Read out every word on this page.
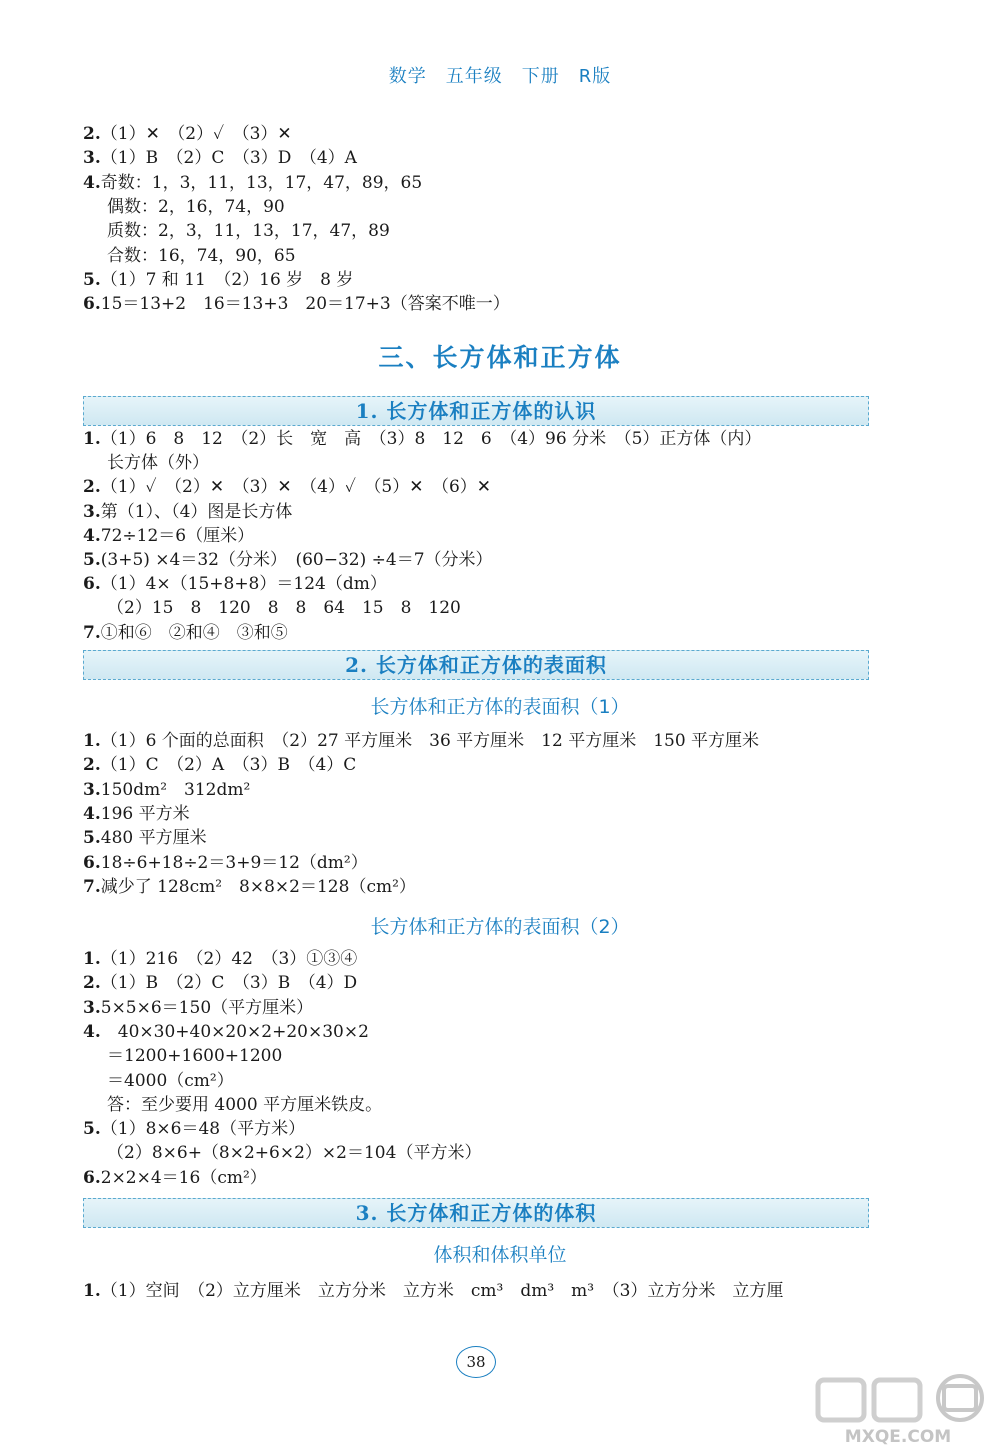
数学　五年级　下册　R版
2.（1）✕　（2）✓　（3）✕
3.（1）B　（2）C　（3）D　（4）A
4.奇数：1，3，11，13，17，47，89，65
偶数：2，16，74，90
质数：2，3，11，13，17，47，89
合数：16，74，90，65
5.（1）7 和 11　（2）16 岁　8 岁
6.15＝13+2　16＝13+3　20＝17+3（答案不唯一）
三、长方体和正方体
1. 长方体和正方体的认识
1.（1）6　8　12　（2）长　宽　高　（3）8　12　6　（4）96 分米　（5）正方体（内）
长方体（外）
2.（1）✓　（2）✕　（3）✕　（4）✓　（5）✕　（6）✕
3.第（1）、（4）图是长方体
4.72÷12＝6（厘米）
5.(3+5) ×4＝32（分米）　(60−32) ÷4＝7（分米）
6.（1）4×（15+8+8）＝124（dm）
（2）15　8　120　8　8　64　15　8　120
7.①和⑥　②和④　③和⑤
2. 长方体和正方体的表面积
长方体和正方体的表面积（1）
1.（1）6 个面的总面积　（2）27 平方厘米　36 平方厘米　12 平方厘米　150 平方厘米
2.（1）C　（2）A　（3）B　（4）C
3.150dm²　312dm²
4.196 平方米
5.480 平方厘米
6.18÷6+18÷2＝3+9＝12（dm²）
7.减少了 128cm²　8×8×2＝128（cm²）
长方体和正方体的表面积（2）
1.（1）216　（2）42　（3）①③④
2.（1）B　（2）C　（3）B　（4）D
3.5×5×6＝150（平方厘米）
4.　40×30+40×20×2+20×30×2
＝1200+1600+1200
＝4000（cm²）
答：至少要用 4000 平方厘米铁皮。
5.（1）8×6＝48（平方米）
（2）8×6+（8×2+6×2）×2＝104（平方米）
6.2×2×4＝16（cm²）
3. 长方体和正方体的体积
体积和体积单位
1.（1）空间　（2）立方厘米　立方分米　立方米　cm³　dm³　m³　（3）立方分米　立方厘
38
MXQE.COM
